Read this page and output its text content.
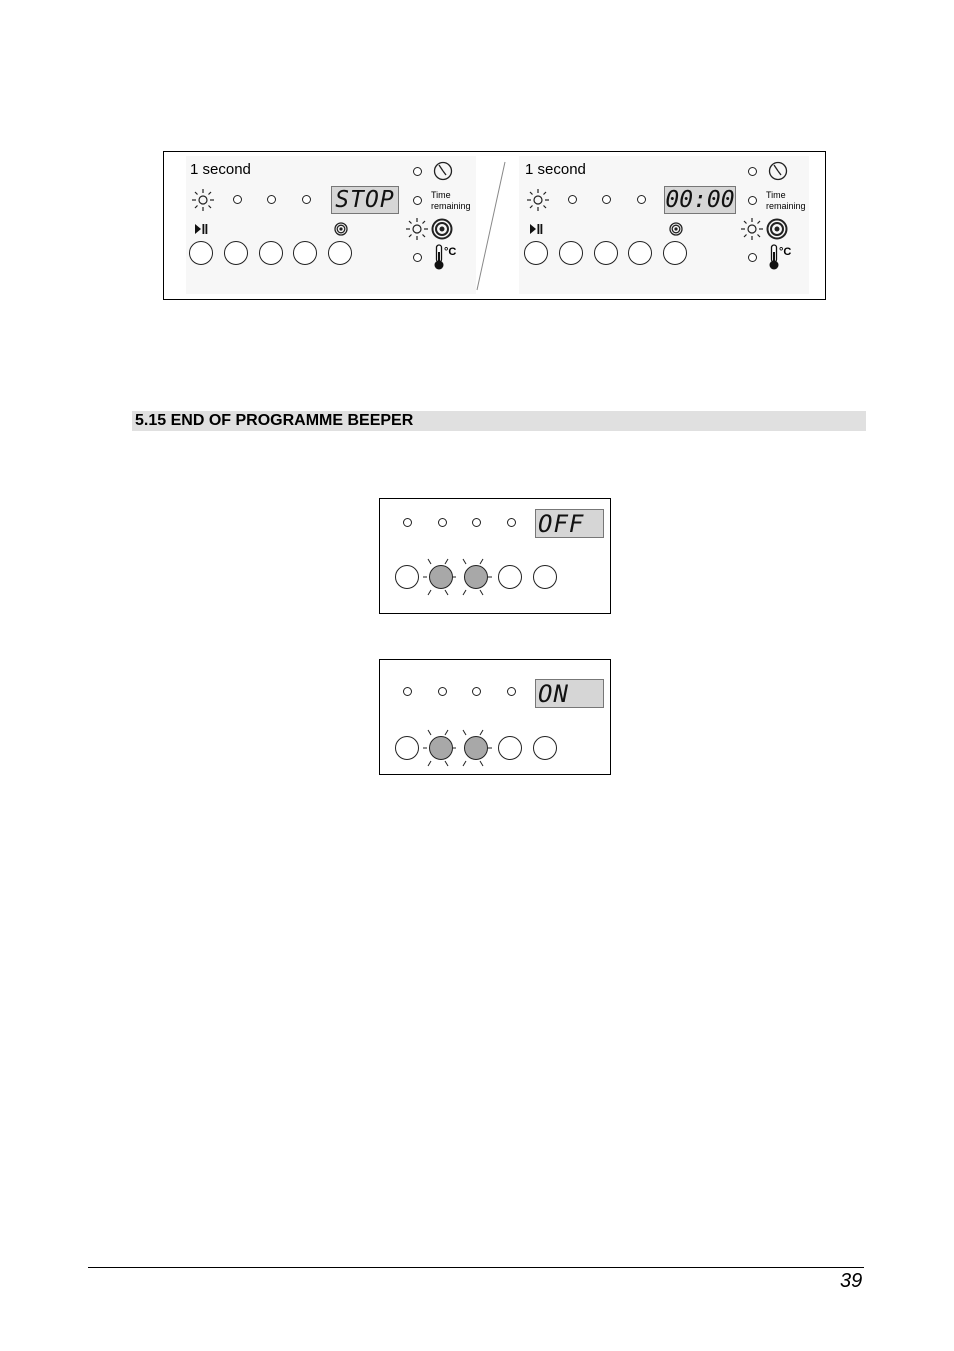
1 second
STOP	Time
remaining
°C
1 second
00:00	Time
remaining
°C
5.15 END OF PROGRAMME BEEPER
OFF
ON
39
